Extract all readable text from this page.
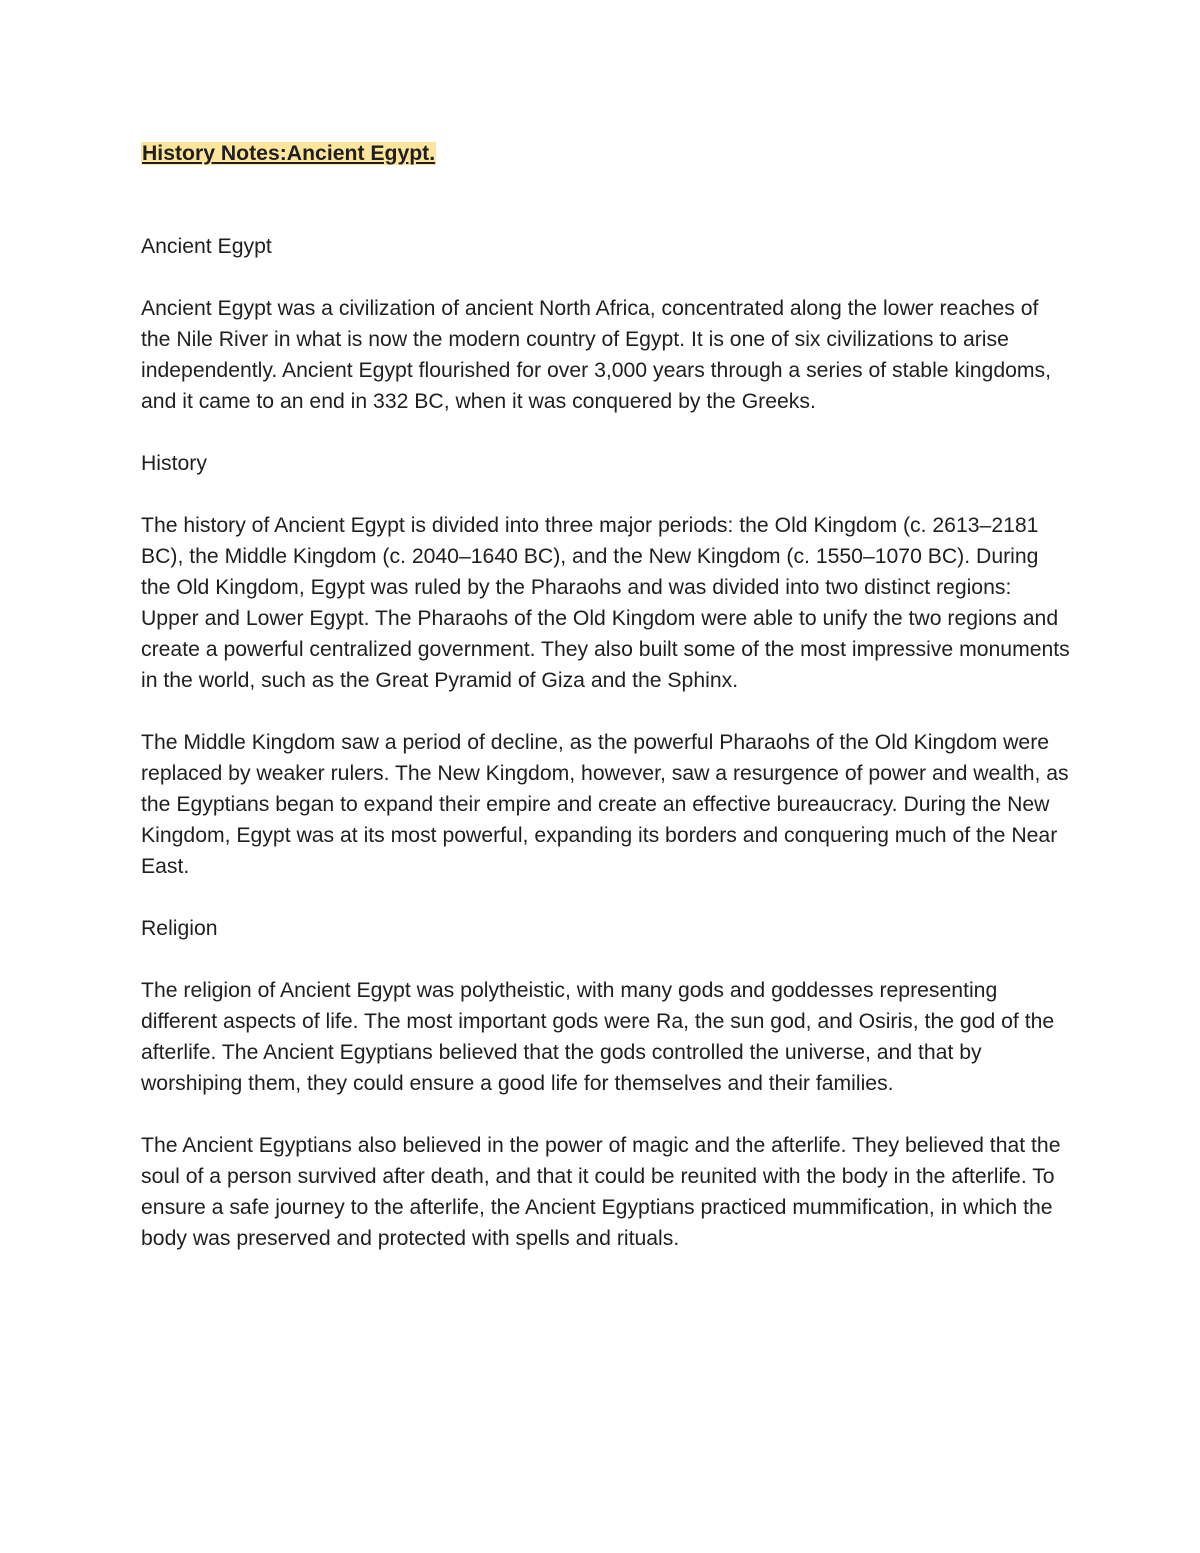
History Notes:Ancient Egypt.
Ancient Egypt

Ancient Egypt was a civilization of ancient North Africa, concentrated along the lower reaches of the Nile River in what is now the modern country of Egypt. It is one of six civilizations to arise independently. Ancient Egypt flourished for over 3,000 years through a series of stable kingdoms, and it came to an end in 332 BC, when it was conquered by the Greeks.

History

The history of Ancient Egypt is divided into three major periods: the Old Kingdom (c. 2613–2181 BC), the Middle Kingdom (c. 2040–1640 BC), and the New Kingdom (c. 1550–1070 BC). During the Old Kingdom, Egypt was ruled by the Pharaohs and was divided into two distinct regions: Upper and Lower Egypt. The Pharaohs of the Old Kingdom were able to unify the two regions and create a powerful centralized government. They also built some of the most impressive monuments in the world, such as the Great Pyramid of Giza and the Sphinx.

The Middle Kingdom saw a period of decline, as the powerful Pharaohs of the Old Kingdom were replaced by weaker rulers. The New Kingdom, however, saw a resurgence of power and wealth, as the Egyptians began to expand their empire and create an effective bureaucracy. During the New Kingdom, Egypt was at its most powerful, expanding its borders and conquering much of the Near East.

Religion

The religion of Ancient Egypt was polytheistic, with many gods and goddesses representing different aspects of life. The most important gods were Ra, the sun god, and Osiris, the god of the afterlife. The Ancient Egyptians believed that the gods controlled the universe, and that by worshiping them, they could ensure a good life for themselves and their families.

The Ancient Egyptians also believed in the power of magic and the afterlife. They believed that the soul of a person survived after death, and that it could be reunited with the body in the afterlife. To ensure a safe journey to the afterlife, the Ancient Egyptians practiced mummification, in which the body was preserved and protected with spells and rituals.
